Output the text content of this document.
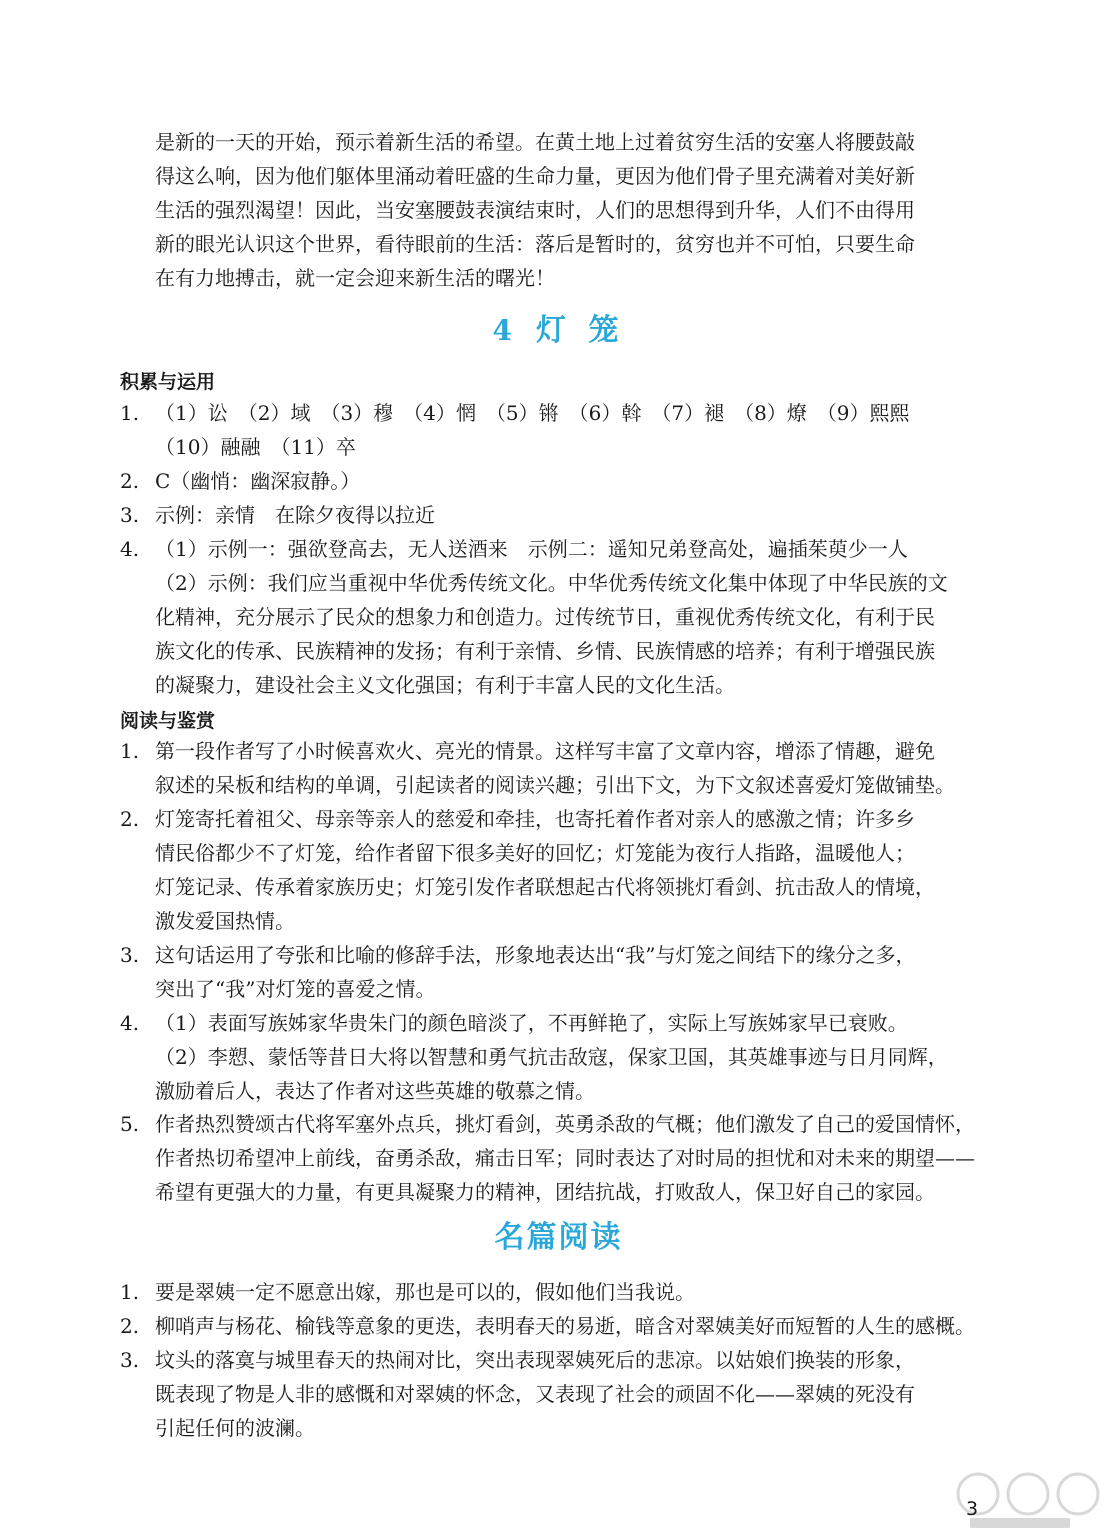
是新的一天的开始，预示着新生活的希望。在黄土地上过着贫穷生活的安塞人将腰鼓敲
得这么响，因为他们躯体里涌动着旺盛的生命力量，更因为他们骨子里充满着对美好新
生活的强烈渴望！因此，当安塞腰鼓表演结束时，人们的思想得到升华，人们不由得用
新的眼光认识这个世界，看待眼前的生活：落后是暂时的，贫穷也并不可怕，只要生命
在有力地搏击，就一定会迎来新生活的曙光！
4 灯 笼
积累与运用
1. （1）讼　（2）域　（3）穆　（4）惘　（5）锵　（6）斡　（7）褪　（8）燎　（9）熙熙
（10）融融　（11）卒
2. C（幽悄：幽深寂静。）
3. 示例：亲情　在除夕夜得以拉近
4. （1）示例一：强欲登高去，无人送酒来　示例二：遥知兄弟登高处，遍插茱萸少一人
（2）示例：我们应当重视中华优秀传统文化。中华优秀传统文化集中体现了中华民族的文
化精神，充分展示了民众的想象力和创造力。过传统节日，重视优秀传统文化，有利于民
族文化的传承、民族精神的发扬；有利于亲情、乡情、民族情感的培养；有利于增强民族
的凝聚力，建设社会主义文化强国；有利于丰富人民的文化生活。
阅读与鉴赏
1. 第一段作者写了小时候喜欢火、亮光的情景。这样写丰富了文章内容，增添了情趣，避免
叙述的呆板和结构的单调，引起读者的阅读兴趣；引出下文，为下文叙述喜爱灯笼做铺垫。
2. 灯笼寄托着祖父、母亲等亲人的慈爱和牵挂，也寄托着作者对亲人的感激之情；许多乡
情民俗都少不了灯笼，给作者留下很多美好的回忆；灯笼能为夜行人指路，温暖他人；
灯笼记录、传承着家族历史；灯笼引发作者联想起古代将领挑灯看剑、抗击敌人的情境，
激发爱国热情。
3. 这句话运用了夸张和比喻的修辞手法，形象地表达出“我”与灯笼之间结下的缘分之多，
突出了“我”对灯笼的喜爱之情。
4. （1）表面写族姊家华贵朱门的颜色暗淡了，不再鲜艳了，实际上写族姊家早已衰败。
（2）李愬、蒙恬等昔日大将以智慧和勇气抗击敌寇，保家卫国，其英雄事迹与日月同辉，
激励着后人，表达了作者对这些英雄的敬慕之情。
5. 作者热烈赞颂古代将军塞外点兵，挑灯看剑，英勇杀敌的气概；他们激发了自己的爱国情怀，
作者热切希望冲上前线，奋勇杀敌，痛击日军；同时表达了对时局的担忧和对未来的期望——
希望有更强大的力量，有更具凝聚力的精神，团结抗战，打败敌人，保卫好自己的家园。
名篇阅读
1. 要是翠姨一定不愿意出嫁，那也是可以的，假如他们当我说。
2. 柳哨声与杨花、榆钱等意象的更迭，表明春天的易逝，暗含对翠姨美好而短暂的人生的感概。
3. 坟头的落寞与城里春天的热闹对比，突出表现翠姨死后的悲凉。以姑娘们换装的形象，
既表现了物是人非的感慨和对翠姨的怀念，又表现了社会的顽固不化——翠姨的死没有
引起任何的波澜。
3
